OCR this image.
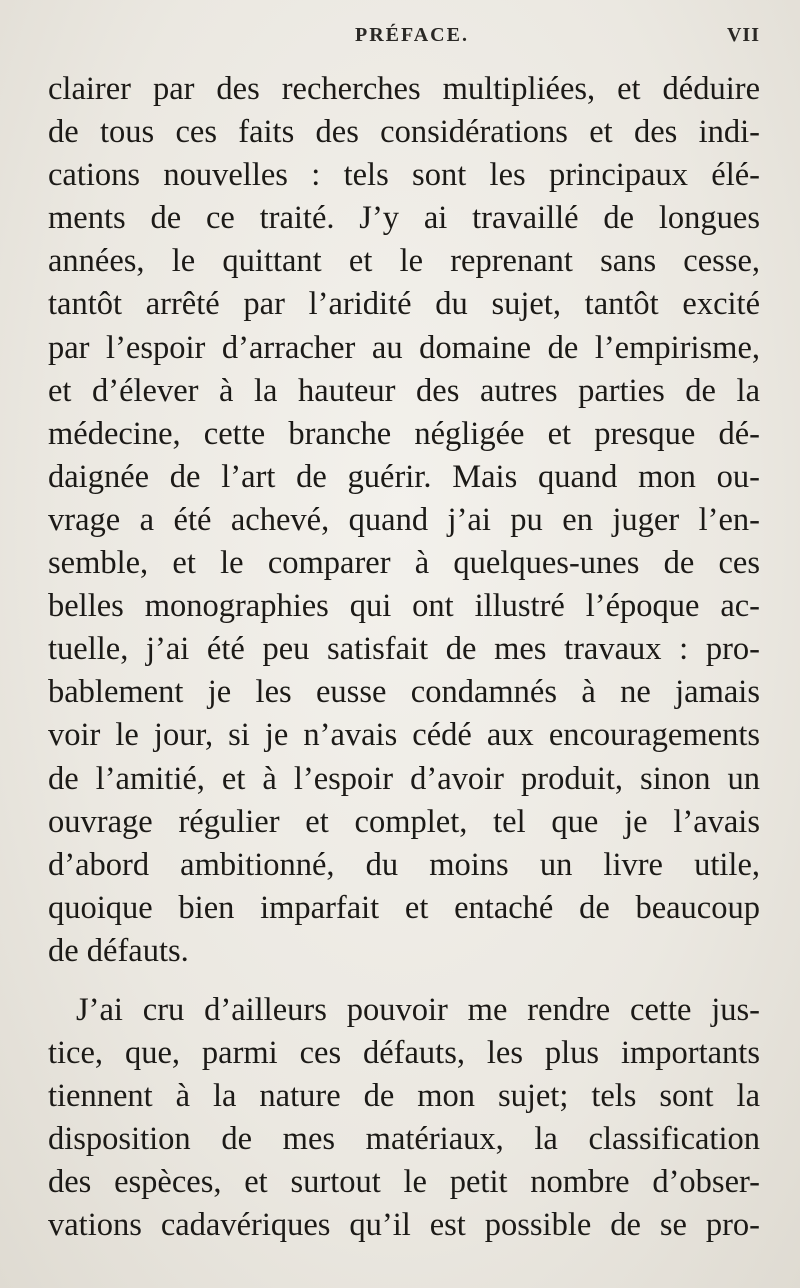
PRÉFACE.	VII
clairer par des recherches multipliées, et déduire
de tous ces faits des considérations et des indi-
cations nouvelles : tels sont les principaux élé-
ments de ce traité. J’y ai travaillé de longues
années, le quittant et le reprenant sans cesse,
tantôt arrêté par l’aridité du sujet, tantôt excité
par l’espoir d’arracher au domaine de l’empirisme,
et d’élever à la hauteur des autres parties de la
médecine, cette branche négligée et presque dé-
daignée de l’art de guérir. Mais quand mon ou-
vrage a été achevé, quand j’ai pu en juger l’en-
semble, et le comparer à quelques-unes de ces
belles monographies qui ont illustré l’époque ac-
tuelle, j’ai été peu satisfait de mes travaux : pro-
bablement je les eusse condamnés à ne jamais
voir le jour, si je n’avais cédé aux encouragements
de l’amitié, et à l’espoir d’avoir produit, sinon un
ouvrage régulier et complet, tel que je l’avais
d’abord ambitionné, du moins un livre utile,
quoique bien imparfait et entaché de beaucoup
de défauts.
J’ai cru d’ailleurs pouvoir me rendre cette jus-
tice, que, parmi ces défauts, les plus importants
tiennent à la nature de mon sujet; tels sont la
disposition de mes matériaux, la classification
des espèces, et surtout le petit nombre d’obser-
vations cadavériques qu’il est possible de se pro-
